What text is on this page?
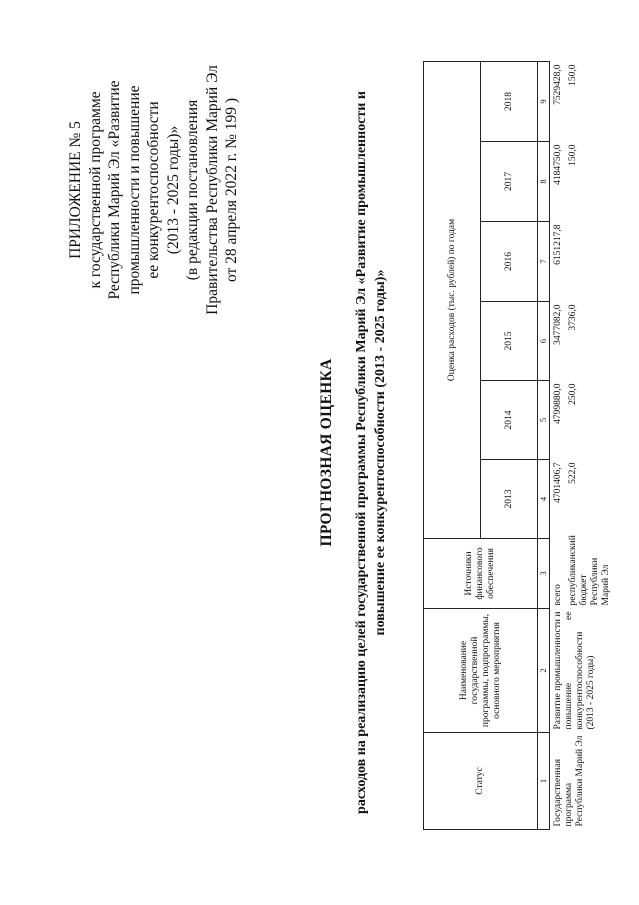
ПРИЛОЖЕНИЕ № 5 к государственной программе Республики Марий Эл «Развитие промышленности и повышение ее конкурентоспособности (2013 - 2025 годы)» (в редакции постановления Правительства Республики Марий Эл от 28 апреля 2022 г. № 199 )
ПРОГНОЗНАЯ ОЦЕНКА расходов на реализацию целей государственной программы Республики Марий Эл «Развитие промышленности и повышение ее конкурентоспособности (2013 - 2025 годы)»
Статус	Наименование государственной программы, подпрограммы, основного мероприятия	Источники финансового обеспечения	Оценка расходов (тыс. рублей) по годам					
			2013	2014	2015	2016	2017	2018
1	2	3	4	5	6	7	8	9
Государственная программа Республики Марий Эл	Развитие промышленности и повышение ее конкурентоспособности (2013 - 2025 годы)	всего	4701406,7	4799880,0	3477082,0	6151217,8	4184750,0	7529428,0
		республиканский бюджет Республики Марий Эл	522,0	250,0	3736,0		150,0	150,0
